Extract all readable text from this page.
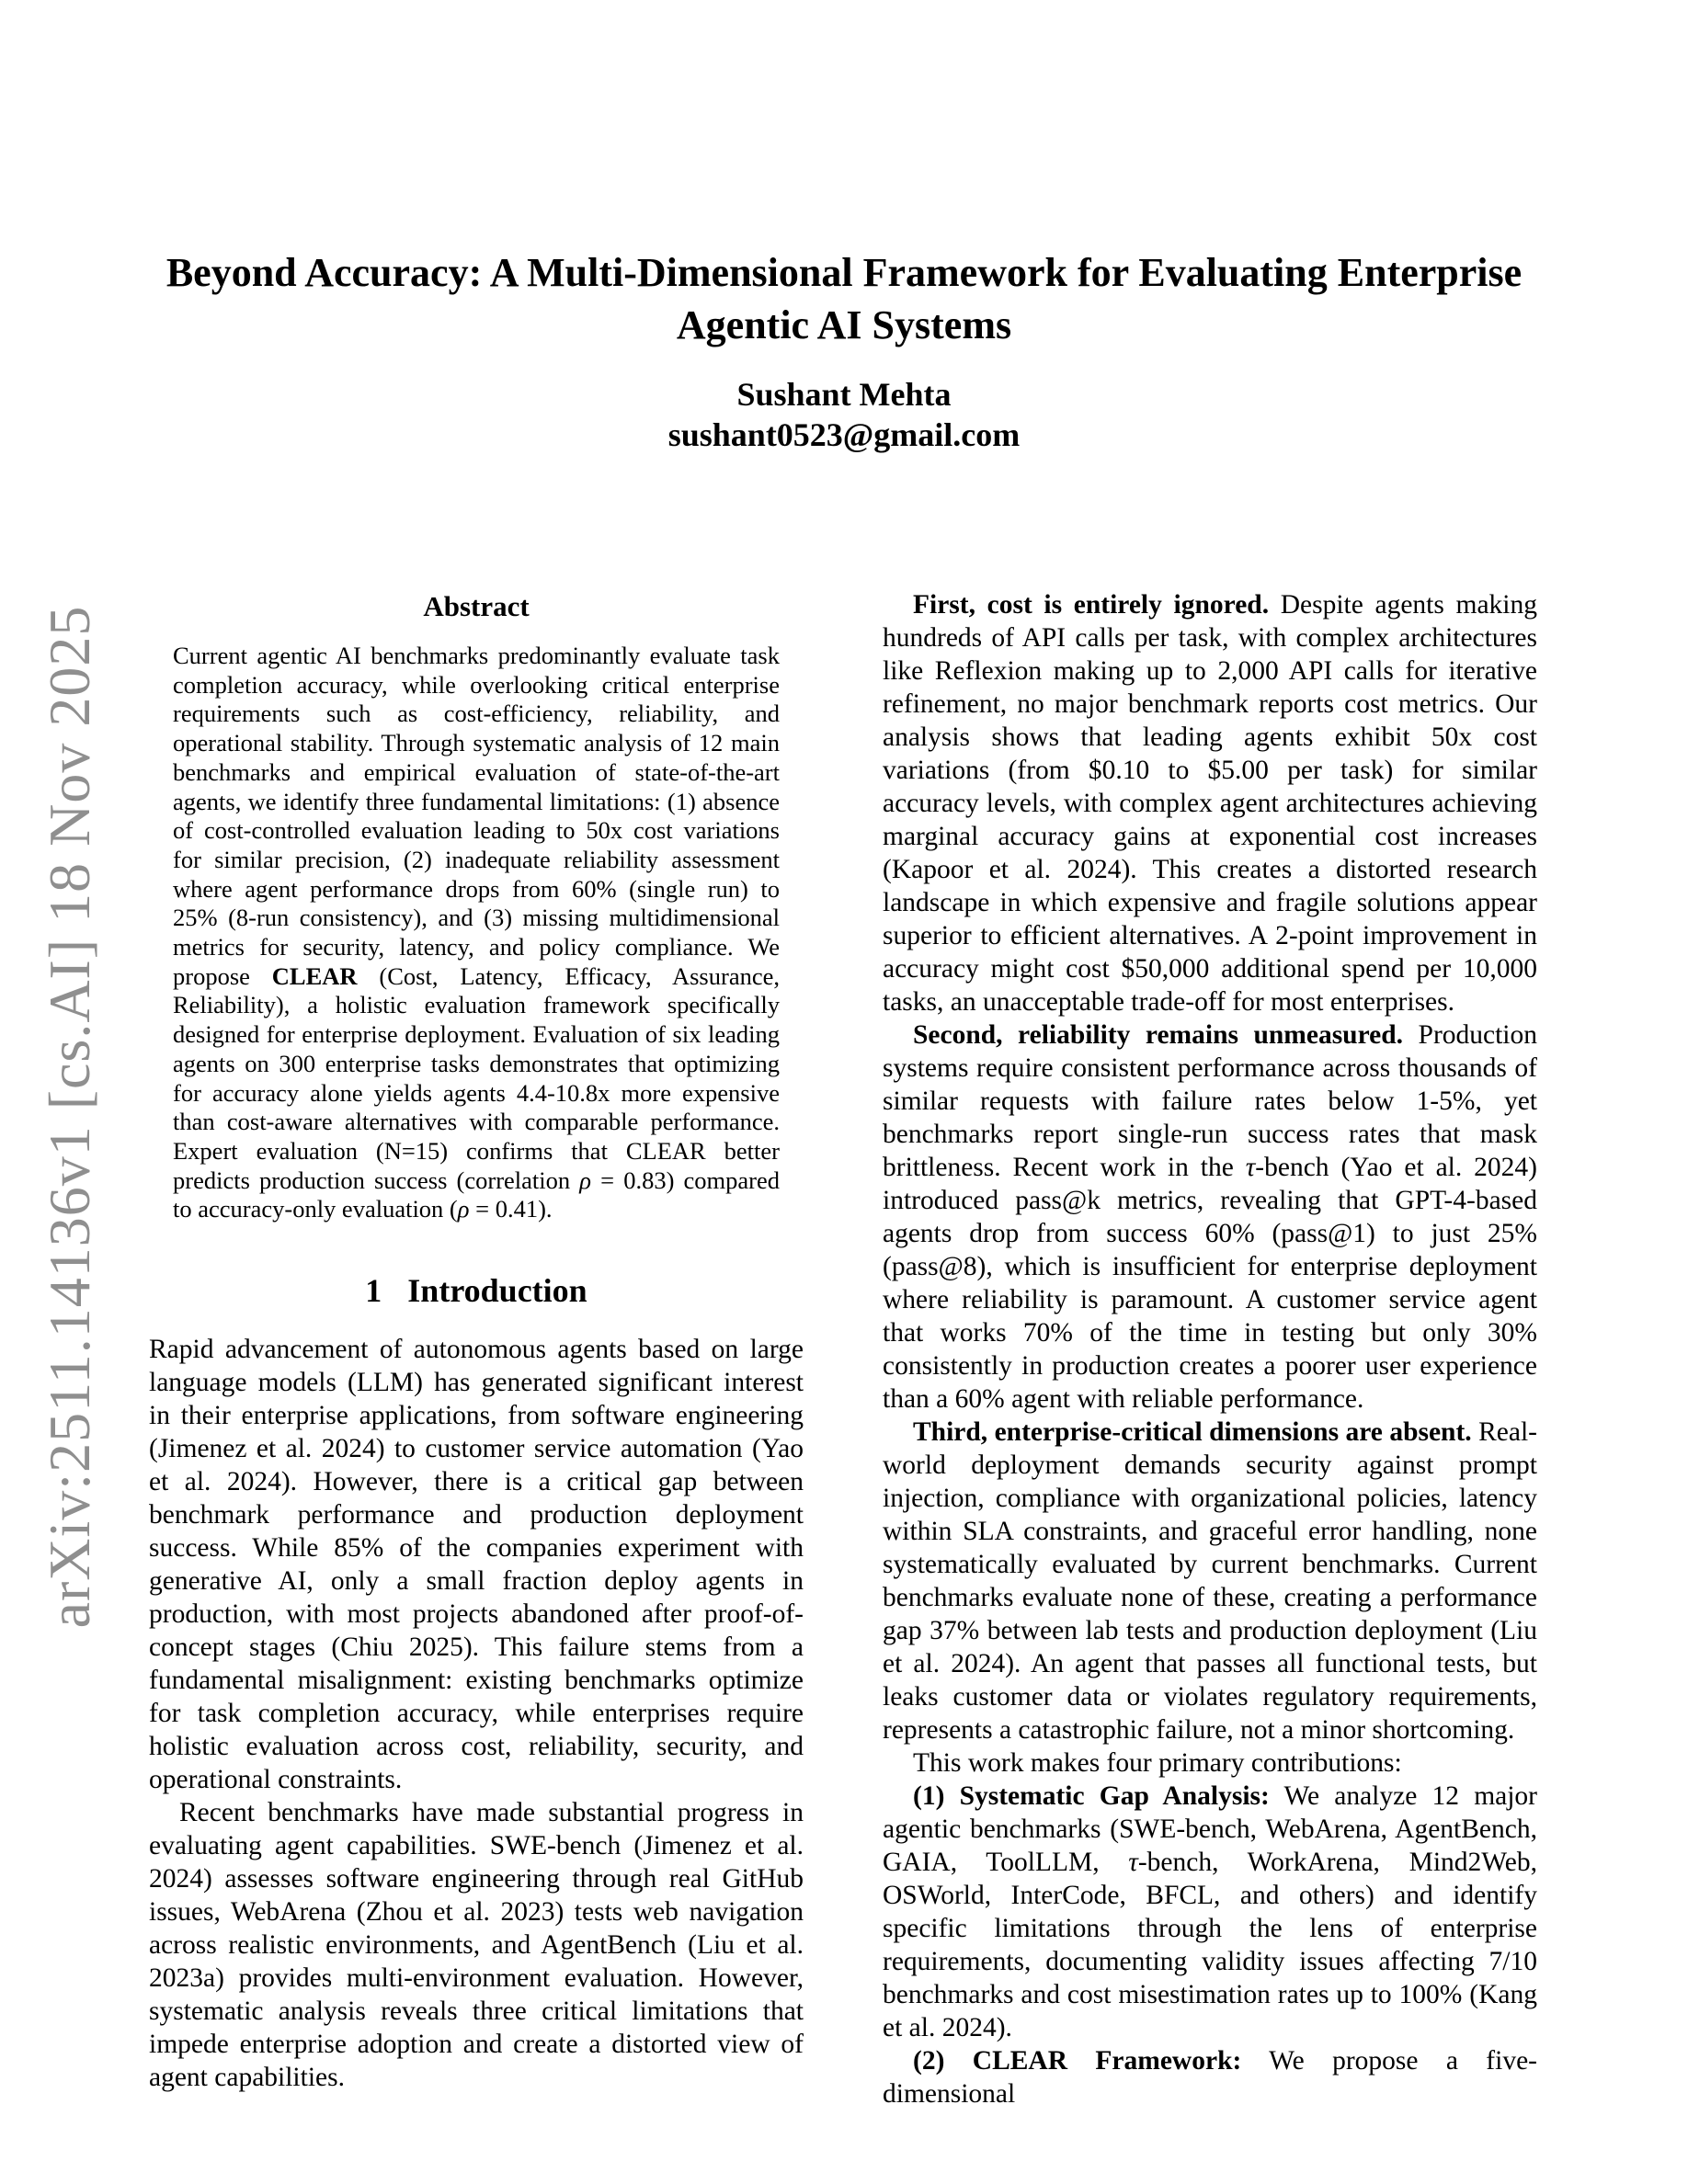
arXiv:2511.14136v1 [cs.AI] 18 Nov 2025
Beyond Accuracy: A Multi-Dimensional Framework for Evaluating Enterprise Agentic AI Systems
Sushant Mehta
sushant0523@gmail.com
Abstract
Current agentic AI benchmarks predominantly evaluate task completion accuracy, while overlooking critical enterprise requirements such as cost-efficiency, reliability, and operational stability. Through systematic analysis of 12 main benchmarks and empirical evaluation of state-of-the-art agents, we identify three fundamental limitations: (1) absence of cost-controlled evaluation leading to 50x cost variations for similar precision, (2) inadequate reliability assessment where agent performance drops from 60% (single run) to 25% (8-run consistency), and (3) missing multidimensional metrics for security, latency, and policy compliance. We propose CLEAR (Cost, Latency, Efficacy, Assurance, Reliability), a holistic evaluation framework specifically designed for enterprise deployment. Evaluation of six leading agents on 300 enterprise tasks demonstrates that optimizing for accuracy alone yields agents 4.4-10.8x more expensive than cost-aware alternatives with comparable performance. Expert evaluation (N=15) confirms that CLEAR better predicts production success (correlation ρ = 0.83) compared to accuracy-only evaluation (ρ = 0.41).
1 Introduction

Rapid advancement of autonomous agents based on large language models (LLM) has generated significant interest in their enterprise applications, from software engineering (Jimenez et al. 2024) to customer service automation (Yao et al. 2024). However, there is a critical gap between benchmark performance and production deployment success. While 85% of the companies experiment with generative AI, only a small fraction deploy agents in production, with most projects abandoned after proof-of-concept stages (Chiu 2025). This failure stems from a fundamental misalignment: existing benchmarks optimize for task completion accuracy, while enterprises require holistic evaluation across cost, reliability, security, and operational constraints.

Recent benchmarks have made substantial progress in evaluating agent capabilities. SWE-bench (Jimenez et al. 2024) assesses software engineering through real GitHub issues, WebArena (Zhou et al. 2023) tests web navigation across realistic environments, and AgentBench (Liu et al. 2023a) provides multi-environment evaluation. However, systematic analysis reveals three critical limitations that impede enterprise adoption and create a distorted view of agent capabilities.

First, cost is entirely ignored. Despite agents making hundreds of API calls per task, with complex architectures like Reflexion making up to 2,000 API calls for iterative refinement, no major benchmark reports cost metrics. Our analysis shows that leading agents exhibit 50x cost variations (from $0.10 to $5.00 per task) for similar accuracy levels, with complex agent architectures achieving marginal accuracy gains at exponential cost increases (Kapoor et al. 2024). This creates a distorted research landscape in which expensive and fragile solutions appear superior to efficient alternatives. A 2-point improvement in accuracy might cost $50,000 additional spend per 10,000 tasks, an unacceptable trade-off for most enterprises.

Second, reliability remains unmeasured. Production systems require consistent performance across thousands of similar requests with failure rates below 1-5%, yet benchmarks report single-run success rates that mask brittleness. Recent work in the τ-bench (Yao et al. 2024) introduced pass@k metrics, revealing that GPT-4-based agents drop from success 60% (pass@1) to just 25% (pass@8), which is insufficient for enterprise deployment where reliability is paramount. A customer service agent that works 70% of the time in testing but only 30% consistently in production creates a poorer user experience than a 60% agent with reliable performance.

Third, enterprise-critical dimensions are absent. Real-world deployment demands security against prompt injection, compliance with organizational policies, latency within SLA constraints, and graceful error handling, none systematically evaluated by current benchmarks. Current benchmarks evaluate none of these, creating a performance gap 37% between lab tests and production deployment (Liu et al. 2024). An agent that passes all functional tests, but leaks customer data or violates regulatory requirements, represents a catastrophic failure, not a minor shortcoming.

This work makes four primary contributions:

(1) Systematic Gap Analysis: We analyze 12 major agentic benchmarks (SWE-bench, WebArena, AgentBench, GAIA, ToolLLM, τ-bench, WorkArena, Mind2Web, OSWorld, InterCode, BFCL, and others) and identify specific limitations through the lens of enterprise requirements, documenting validity issues affecting 7/10 benchmarks and cost misestimation rates up to 100% (Kang et al. 2024).

(2) CLEAR Framework: We propose a five-dimensional
